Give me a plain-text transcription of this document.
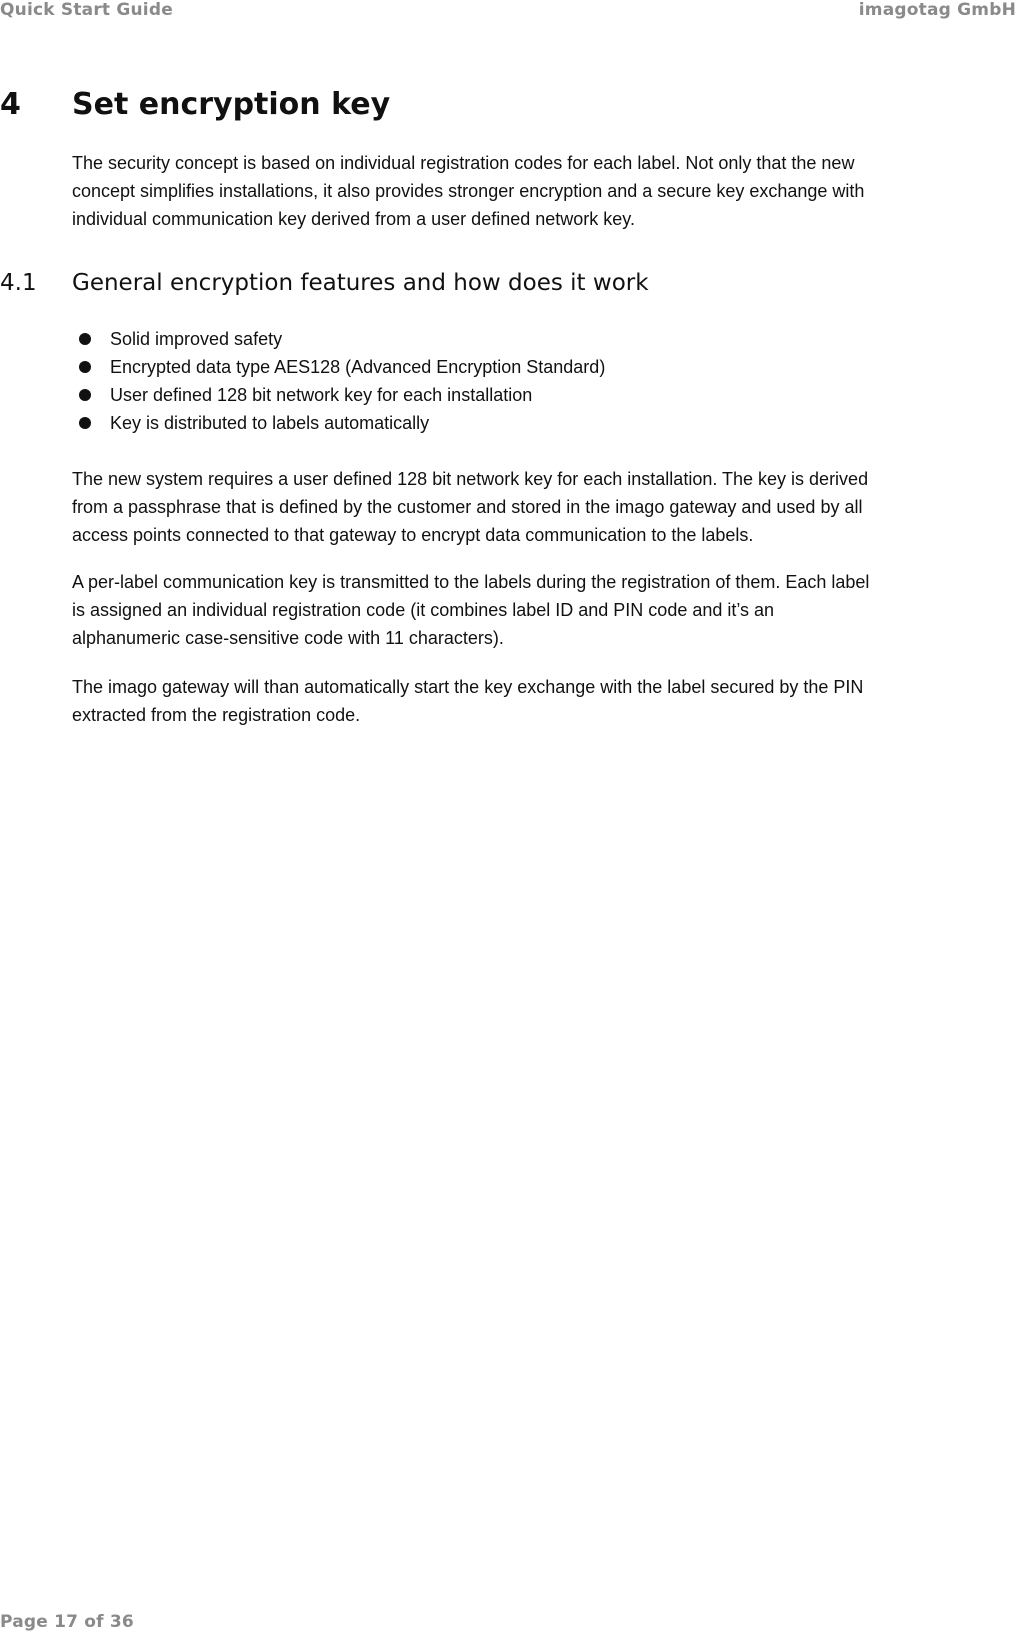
Quick Start Guide	imagotag GmbH
4 Set encryption key

The security concept is based on individual registration codes for each label. Not only that the new
concept simplifies installations, it also provides stronger encryption and a secure key exchange with
individual communication key derived from a user defined network key.

4.1 General encryption features and how does it work
Solid improved safety
Encrypted data type AES128 (Advanced Encryption Standard)
User defined 128 bit network key for each installation
Key is distributed to labels automatically

The new system requires a user defined 128 bit network key for each installation. The key is derived
from a passphrase that is defined by the customer and stored in the imago gateway and used by all
access points connected to that gateway to encrypt data communication to the labels.

A per-label communication key is transmitted to the labels during the registration of them. Each label
is assigned an individual registration code (it combines label ID and PIN code and it’s an
alphanumeric case-sensitive code with 11 characters).

The imago gateway will than automatically start the key exchange with the label secured by the PIN
extracted from the registration code.

Page 17 of 36
